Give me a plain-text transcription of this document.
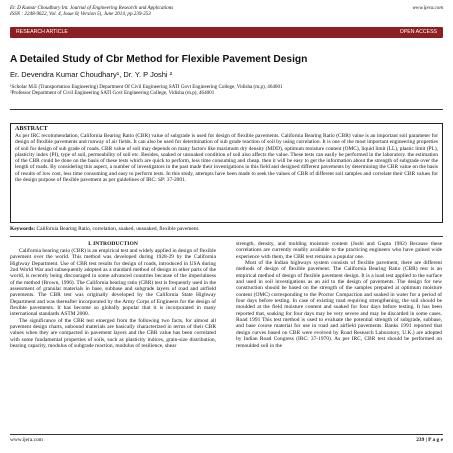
Er. D Kumar Choudhary Int. Journal of Engineering Research and Applications
ISSN : 2248-9622, Vol. 4, Issue 6( Version 5), June 2014, pp.239-253
www.ijera.com
RESEARCH ARTICLE	OPEN ACCESS
A Detailed Study of Cbr Method for Flexible Pavement Design
Er. Devendra Kumar Choudhary¹, Dr. Y. P Joshi ²
¹Scholar M.E (Transportation Engineering) Department Of Civil Engineering SATI Govt Engineering College, Vidisha (m.p), 464001
²Professor Department of Civil Engineering SATI Govt Engineering College, Vidisha (m.p), 464001
ABSTRACT
As per IRC recommendation, California Bearing Ratio (CBR) value of subgrade is used for design of flexible pavements. California Bearing Ratio (CBR) value is an important soil parameter for design of flexible pavements and runway of air fields. It can also be used for determination of sub grade reaction of soil by using correlation. It is one of the most important engineering properties of soil for design of sub grade of roads. CBR value of soil may depends on many factors like maximum dry density (MDD), optimum moisture content (OMC), liquid limit (LL), plastic limit (PL), plasticity index (PI), type of soil, permeability of soil etc. Besides, soaked or unsoaked condition of soil also affects the value. These tests can easily be performed in the laboratory. the estimation of the CBR could be done on the basis of these tests which are quick to perform, less time consuming and cheap. then it will be easy to get the information about the strength of subgrade over the length of roads. By considering this aspect, a number of investigators in the past made their investigations in this field and designed different pavements by determining the CBR value on the basis of results of low cost, less time consuming and easy to perform tests. In this study, attempts have been made to seek the values of CBR of different soil samples and correlate their CBR values for the design purpose of flexible pavement as per guidelines of IRC: SP: 37-2001.
Keywords: California Bearing Ratio, correlation, soaked, unsoaked, flexible pavement.
I. INTRODUCTION

California bearing ratio (CBR) is an empirical test and widely applied in design of flexible pavement over the world. This method was developed during 1928-29 by the California Highway Department. Use of CBR test results for design of roads, introduced in USA during 2nd World War and subsequently adopted as a standard method of design in other parts of the world, is recently being discouraged in some advanced countries because of the imperialness of the method (Brown, 1996). The California bearing ratio (CBR) test is frequently used in the assessment of granular materials in base, subbase and subgrade layers of road and airfield pavements. The CBR test was originally developed by the California State Highway Department and was thereafter incorporated by the Army Corps of Engineers for the design of flexible pavements. It has become so globally popular that it is incorporated in many international standards ASTM 2000.

The significance of the CBR test emerged from the following two facts, for almost all pavement design charts, unbound materials are basically characterized in terms of their CBR values when they are compacted in pavement layers and the CBR value has been correlated with some fundamental properties of soils, such as plasticity indices, grain-size distribution, bearing capacity, modulus of subgrade reaction, modulus of resilience, shear

strength, density, and molding moisture content (Joshi and Gupta 1982) Because these correlations are currently readily available to the practicing engineers who have gained wide experience with them, the CBR test remains a popular one.

Most of the Indian highways system consists of flexible pavement, there are different methods of design of flexible pavement. The California Bearing Ratio (CBR) test is an empirical method of design of flexible pavement design. It is a load test applied to the surface and used in soil investigations as an aid to the design of pavements. The design for new construction should be based on the strength of the samples prepared at optimum moisture content (OMC) corresponding to the Proctor Compaction and soaked in water for a period of four days before testing. In case of existing road requiring strengthening, the soil should be moulded at the field moisture content and soaked for four days before testing. It has been reported that, soaking for four days may be very severe and may be discarded in some cases. Road 1991 This test method is used to evaluate the potential strength of subgrade, subbase, and base course material for use in road and airfield pavements. Banks 1991 reported that design curves based on CBR were evolved by Road Research Laboratory, U.K.) are adopted by Indian Road Congress (IRC: 37-1970). As per IRC, CBR test should be performed on remoulded soil in the

www.ijera.com	239 | P a g e
